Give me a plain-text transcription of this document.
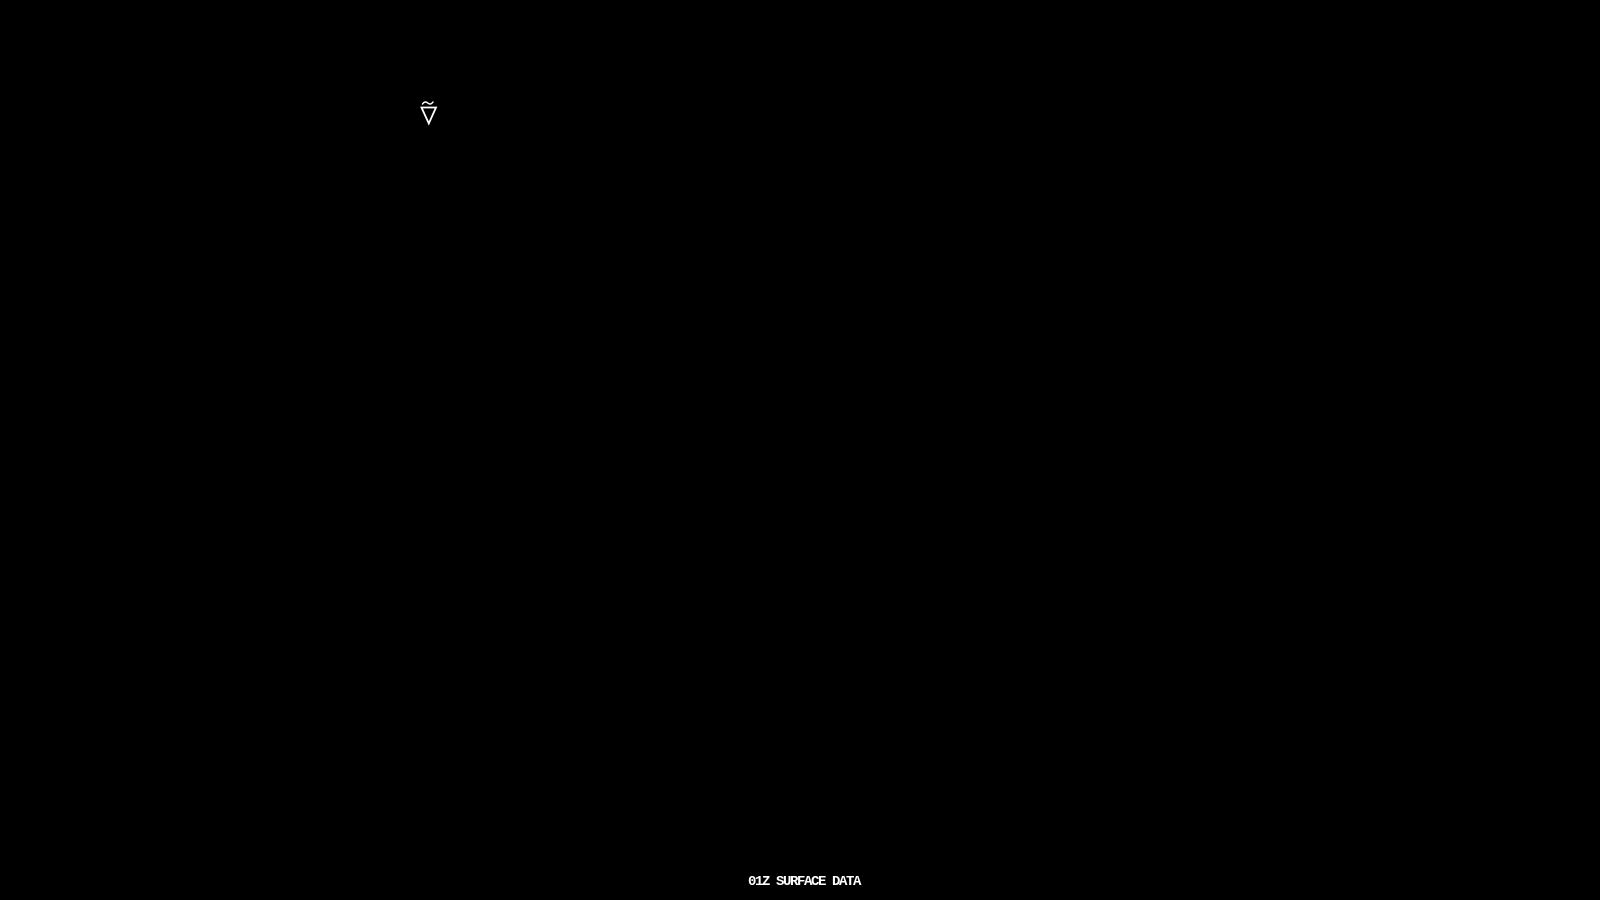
01Z SURFACE DATA
